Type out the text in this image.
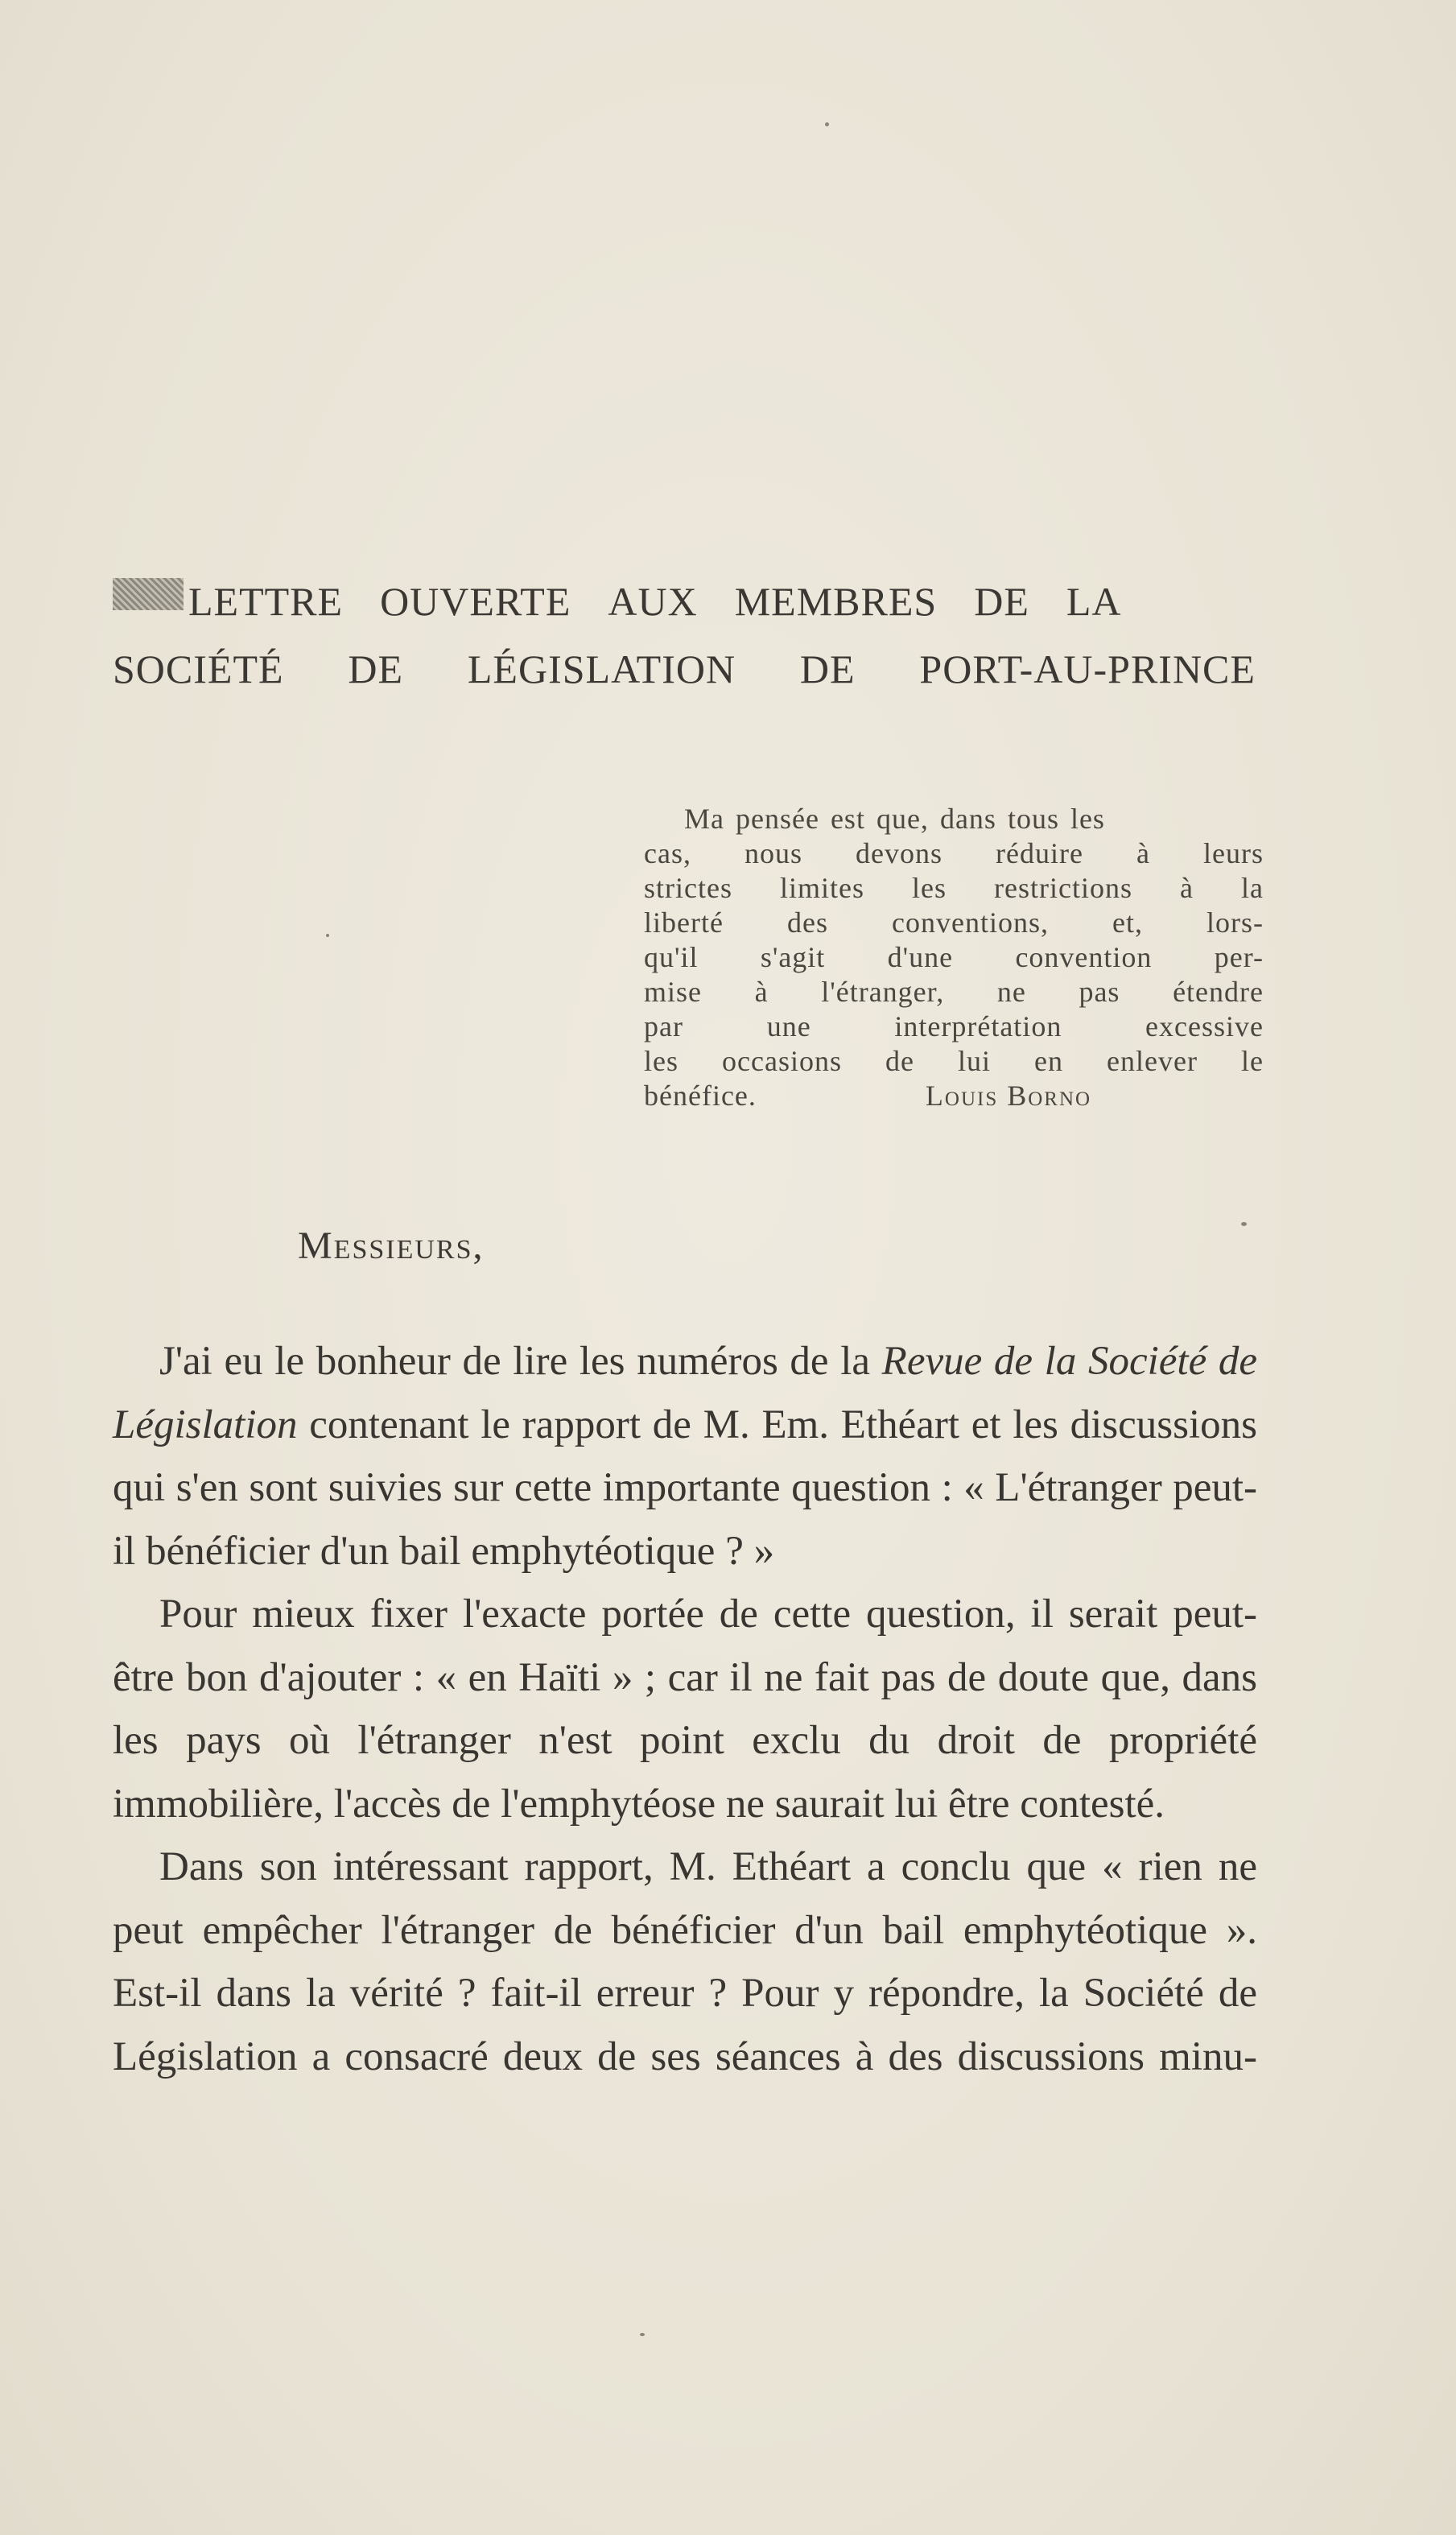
LETTRE OUVERTE AUX MEMBRES DE LA
SOCIÉTÉ DE LÉGISLATION DE PORT-AU-PRINCE
Ma pensée est que, dans tous les
cas, nous devons réduire à leurs
strictes limites les restrictions à la
liberté des conventions, et, lors-
qu'il s'agit d'une convention per-
mise à l'étranger, ne pas étendre
par	une	interprétation	excessive
les occasions de lui en enlever le
bénéfice.	Louis Borno
Messieurs,

J'ai eu le bonheur de lire les numéros de la Revue de la Société de Législation contenant le rapport de M. Em. Ethéart et les discussions qui s'en sont suivies sur cette importante question : « L'étranger peut-il bénéficier d'un bail emphytéotique ? »

Pour mieux fixer l'exacte portée de cette question, il serait peut-être bon d'ajouter : « en Haïti » ; car il ne fait pas de doute que, dans les pays où l'étranger n'est point exclu du droit de propriété immobilière, l'accès de l'emphytéose ne saurait lui être contesté.

Dans son intéressant rapport, M. Ethéart a conclu que « rien ne peut empêcher l'étranger de bénéficier d'un bail emphytéotique ». Est-il dans la vérité ? fait-il erreur ? Pour y répondre, la Société de Législation a consacré deux de ses séances à des discussions minu-
